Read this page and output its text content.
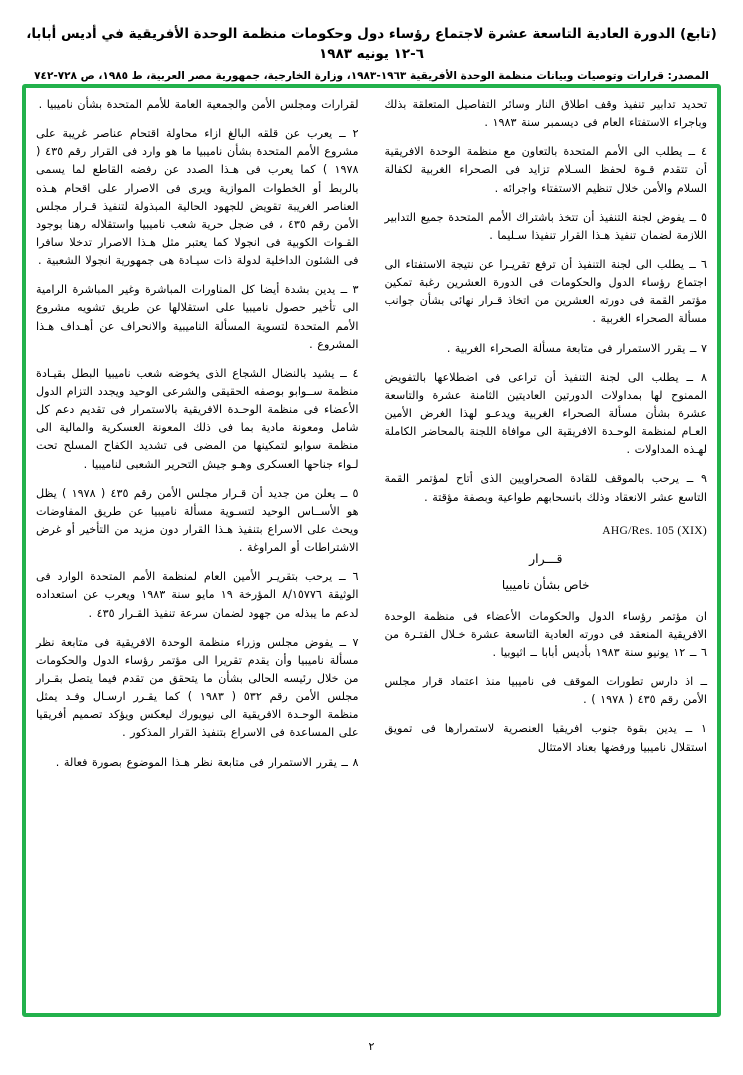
(تابع) الدورة العادية التاسعة عشرة لاجتماع رؤساء دول وحكومات منظمة الوحدة الأفريقية في أديس أبابا، ٦-١٢ يونيه ١٩٨٣
المصدر: قرارات وتوصيات وبيانات منظمة الوحدة الأفريقية ١٩٦٣-١٩٨٣، وزارة الخارجية، جمهورية مصر العربية، ط ١٩٨٥، ص ٧٢٨-٧٤٢

تحديد تدابير تنفيذ وقف اطلاق النار وسائر التفاصيل المتعلقة بذلك وباجراء الاستفتاء العام فى ديسمبر سنة ١٩٨٣ .

٤ ــ يطلب الى الأمم المتحدة بالتعاون مع منظمة الوحدة الافريقية أن تتقدم قـوة لحفظ السـلام تزايد فى الصحراء الغربية لكفالة السلام والأمن خلال تنظيم الاستفتاء واجرائه .

٥ ــ يفوض لجنة التنفيذ أن تتخذ باشتراك الأمم المتحدة جميع التدابير اللازمة لضمان تنفيذ هـذا القرار تنفيذا سـليما .

٦ ــ يطلب الى لجنة التنفيذ أن ترفع تقريـرا عن نتيجة الاستفتاء الى اجتماع رؤساء الدول والحكومات فى الدورة العشرين رغبة تمكين مؤتمر القمة فى دورته العشرين من اتخاذ قـرار نهائى بشأن جوانب مسألة الصحراء الغربية .

٧ ــ يقرر الاستمرار فى متابعة مسألة الصحراء الغربية .

٨ ــ يطلب الى لجنة التنفيذ أن تراعى فى اضطلاعها بالتفويض الممنوح لها بمداولات الدورتين العاديتين الثامنة عشرة والتاسعة عشرة بشأن مسألة الصحراء الغربية ويدعـو لهذا الغرض الأمين العـام لمنظمة الوحـدة الافريقية الى موافاة اللجنة بالمحاضر الكاملة لهـذه المداولات .

٩ ــ يرحب بالموقف للقادة الصحراويين الذى أتاح لمؤتمر القمة التاسع عشر الانعقاد وذلك بانسحابهم طواعية وبصفة مؤقتة .

AHG/Res. 105 (XIX)
قـــرار
خاص بشأن ناميبيا

ان مؤتمر رؤساء الدول والحكومات الأعضاء فى منظمة الوحدة الافريقية المنعقد فى دورته العادية التاسعة عشرة خـلال الفتـرة من ٦ ــ ١٢ يونيو سنة ١٩٨٣ بأديس أبابا ــ اثيوبيا .

ــ اذ دارس تطورات الموقف فى ناميبيا منذ اعتماد قرار مجلس الأمن رقم ٤٣٥ ( ١٩٧٨ ) .

١ ــ يدين بقوة جنوب افريقيا العنصرية لاستمرارها فى تمويق استقلال ناميبيا ورفضها بعناد الامتثال

لقرارات ومجلس الأمن والجمعية العامة للأمم المتحدة بشأن ناميبيا .

٢ ــ يعرب عن قلقه البالغ ازاء محاولة اقتحام عناصر غريبة على مشروع الأمم المتحدة بشأن ناميبيا ما هو وارد فى القرار رقم ٤٣٥ ( ١٩٧٨ ) كما يعرب فى هـذا الصدد عن رفضه القاطع لما يسمى بالربط أو الخطوات الموازية ويرى فى الاصرار على اقحام هـذه العناصر الغريبة تقويض للجهود الحالية المبذولة لتنفيذ قـرار مجلس الأمن رقم ٤٣٥ ، فى ضجل حرية شعب ناميبيا واستقلاله رهنا بوجود القـوات الكوبية فى انجولا كما يعتبر مثل هـذا الاصرار تدخلا سافرا فى الشئون الداخلية لدولة ذات سيـادة هى جمهورية انجولا الشعبية .

٣ ــ يدين بشدة أيضا كل المناورات المباشرة وغير المباشرة الرامية الى تأخير حصول ناميبيا على استقلالها عن طريق تشويه مشروع الأمم المتحدة لتسوية المسألة الناميبية والانحراف عن أهـداف هـذا المشروع .

٤ ــ يشيد بالنضال الشجاع الذى يخوضه شعب ناميبيا البطل بقيـادة منظمة ســوابو بوصفه الحقيقى والشرعى الوحيد ويجدد التزام الدول الأعضاء فى منظمة الوحـدة الافريقية بالاستمرار فى تقديم دعم كل شامل ومعونة مادية بما فى ذلك المعونة العسكرية والمالية الى منظمة سوابو لتمكينها من المضى فى تشديد الكفاح المسلح تحت لـواء جناحها العسكرى وهـو جيش التحرير الشعبى لناميبيا .

٥ ــ يعلن من جديد أن قـرار مجلس الأمن رقم ٤٣٥ ( ١٩٧٨ ) يظل هو الأســاس الوحيد لتسـوية مسألة ناميبيا عن طريق المفاوضات ويحث على الاسراع بتنفيذ هـذا القرار دون مزيد من التأخير أو غرض الاشتراطات أو المراوغة .

٦ ــ يرحب بتقريـر الأمين العام لمنظمة الأمم المتحدة الوارد فى الوثيقة ٨/١٥٧٧٦ المؤرخة ١٩ مايو سنة ١٩٨٣ ويعرب عن استعداده لدعم ما يبذله من جهود لضمان سرعة تنفيذ القـرار ٤٣٥ .

٧ ــ يفوض مجلس وزراء منظمة الوحدة الافريقية فى متابعة نظر مسألة ناميبيا وأن يقدم تقريرا الى مؤتمر رؤساء الدول والحكومات من خلال رئيسه الحالى بشأن ما يتحقق من تقدم فيما يتصل بقـرار مجلس الأمن رقم ٥٣٢ ( ١٩٨٣ ) كما يقـرر ارسـال وفـد يمثل منظمة الوحـدة الافريقية الى نيويورك ليعكس ويؤكد تصميم أفريقيا على المساعدة فى الاسراع بتنفيذ القرار المذكور .

٨ ــ يقرر الاستمرار فى متابعة نظر هـذا الموضوع بصورة فعالة .

٢
